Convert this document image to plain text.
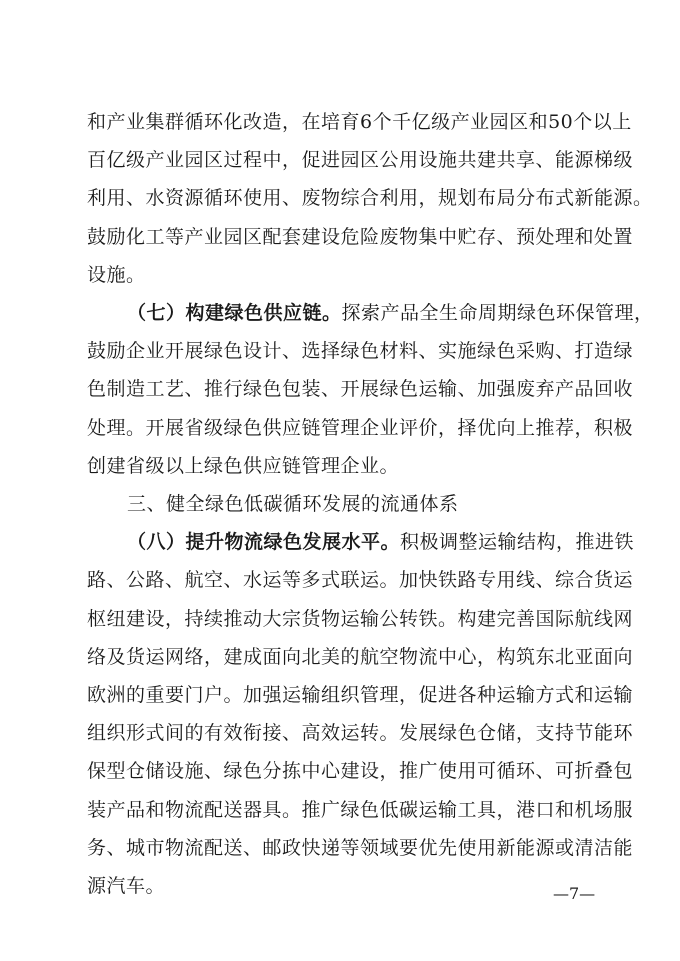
和产业集群循环化改造，在培育6个千亿级产业园区和50个以上
百亿级产业园区过程中，促进园区公用设施共建共享、能源梯级
利用、水资源循环使用、废物综合利用，规划布局分布式新能源。
鼓励化工等产业园区配套建设危险废物集中贮存、预处理和处置
设施。
（七）构建绿色供应链。探索产品全生命周期绿色环保管理，
鼓励企业开展绿色设计、选择绿色材料、实施绿色采购、打造绿
色制造工艺、推行绿色包装、开展绿色运输、加强废弃产品回收
处理。开展省级绿色供应链管理企业评价，择优向上推荐，积极
创建省级以上绿色供应链管理企业。
三、健全绿色低碳循环发展的流通体系
（八）提升物流绿色发展水平。积极调整运输结构，推进铁
路、公路、航空、水运等多式联运。加快铁路专用线、综合货运
枢纽建设，持续推动大宗货物运输公转铁。构建完善国际航线网
络及货运网络，建成面向北美的航空物流中心，构筑东北亚面向
欧洲的重要门户。加强运输组织管理，促进各种运输方式和运输
组织形式间的有效衔接、高效运转。发展绿色仓储，支持节能环
保型仓储设施、绿色分拣中心建设，推广使用可循环、可折叠包
装产品和物流配送器具。推广绿色低碳运输工具，港口和机场服
务、城市物流配送、邮政快递等领域要优先使用新能源或清洁能
源汽车。	—7—
